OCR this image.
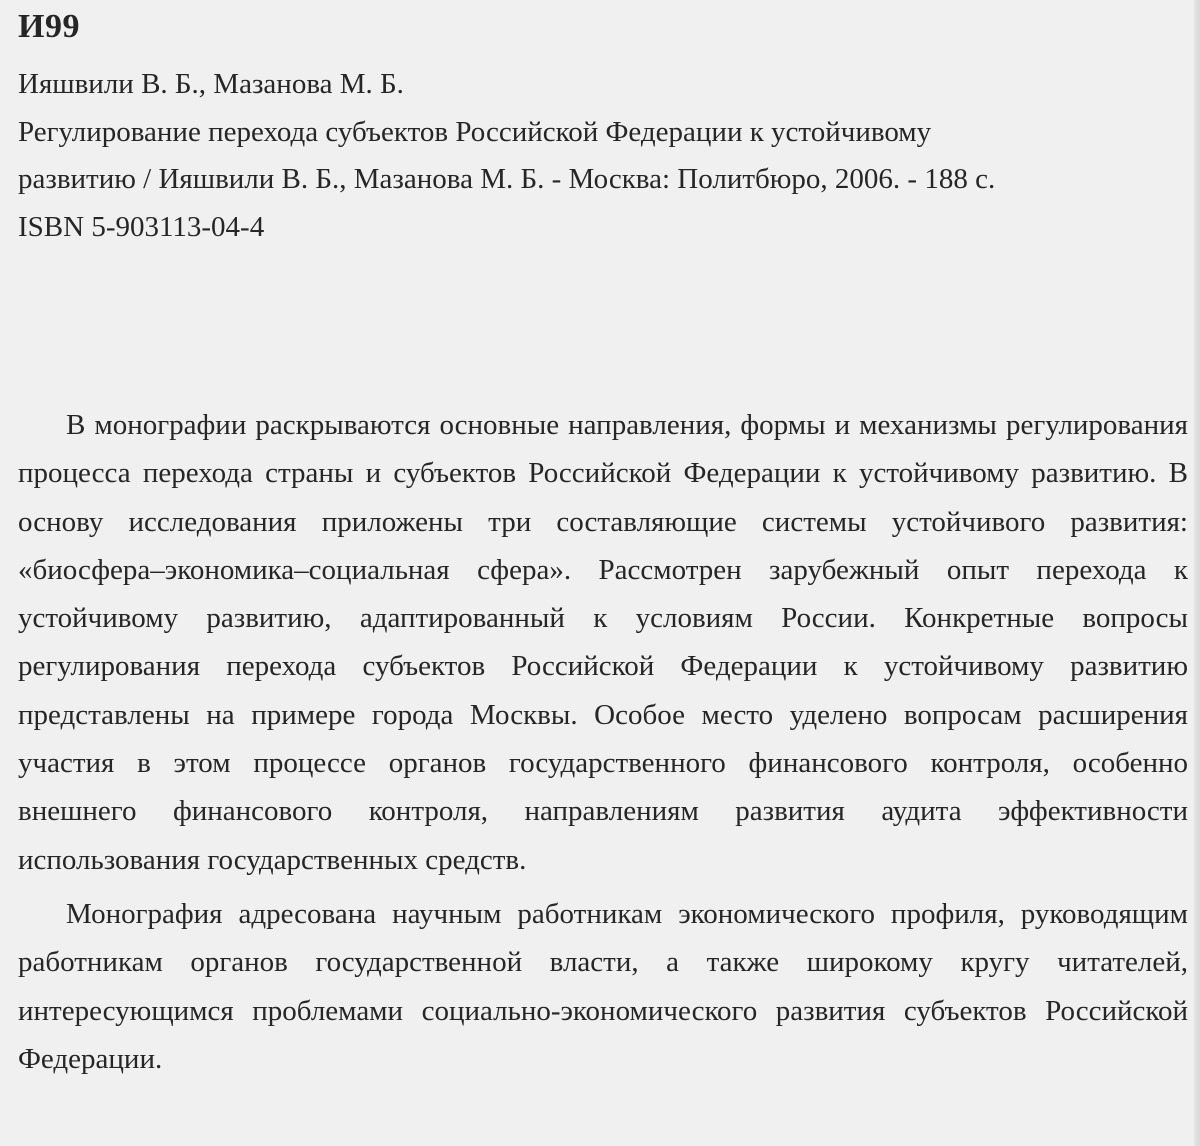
И99
Ияшвили В. Б., Мазанова М. Б.
Регулирование перехода субъектов Российской Федерации к устойчивому
развитию / Ияшвили В. Б., Мазанова М. Б. - Москва: Политбюро, 2006. - 188 с.
ISBN 5-903113-04-4

В монографии раскрываются основные направления, формы и механизмы регулирования процесса перехода страны и субъектов Российской Федерации к устойчивому развитию. В основу исследования приложены три составляющие системы устойчивого развития: «биосфера–экономика–социальная сфера». Рассмотрен зарубежный опыт перехода к устойчивому развитию, адаптированный к условиям России. Конкретные вопросы регулирования перехода субъектов Российской Федерации к устойчивому развитию представлены на примере города Москвы. Особое место уделено вопросам расширения участия в этом процессе органов государственного финансового контроля, особенно внешнего финансового контроля, направлениям развития аудита эффективности использования государственных средств.

Монография адресована научным работникам экономического профиля, руководящим работникам органов государственной власти, а также широкому кругу читателей, интересующимся проблемами социально-экономического развития субъектов Российской Федерации.
